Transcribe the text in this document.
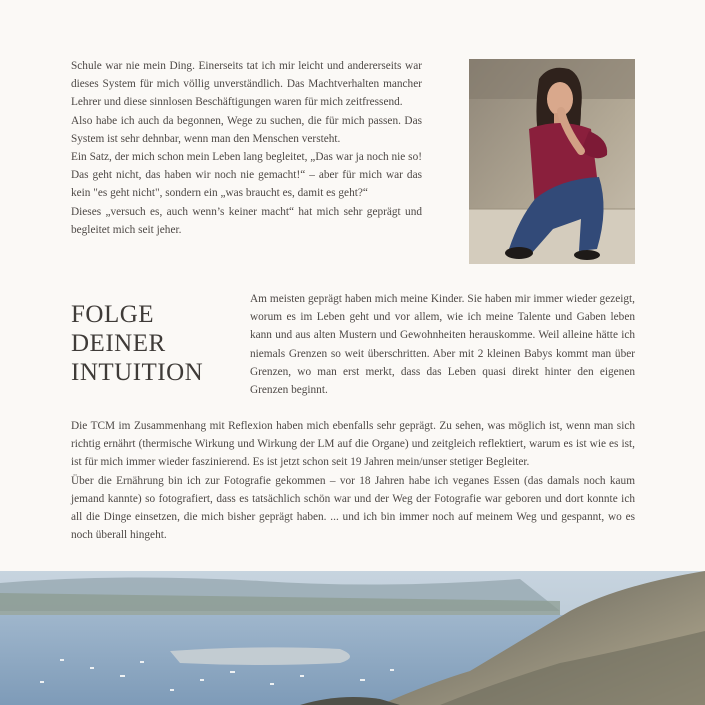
Schule war nie mein Ding. Einerseits tat ich mir leicht und andererseits war dieses System für mich völlig unverständlich. Das Machtverhalten mancher Lehrer und diese sinnlosen Beschäftigungen waren für mich zeitfressend.
Also habe ich auch da begonnen, Wege zu suchen, die für mich passen. Das System ist sehr dehnbar, wenn man den Menschen versteht.
Ein Satz, der mich schon mein Leben lang begleitet, „Das war ja noch nie so! Das geht nicht, das haben wir noch nie gemacht!“ – aber für mich war das kein "es geht nicht", sondern ein „was braucht es, damit es geht?“
Dieses „versuch es, auch wenn’s keiner macht“ hat mich sehr geprägt und begleitet mich seit jeher.
FOLGE
DEINER
INTUITION

Am meisten geprägt haben mich meine Kinder. Sie haben mir immer wieder gezeigt, worum es im Leben geht und vor allem, wie ich meine Talente und Gaben leben kann und aus alten Mustern und Gewohnheiten herauskomme. Weil alleine hätte ich niemals Grenzen so weit überschritten. Aber mit 2 kleinen Babys kommt man über Grenzen, wo man erst merkt, dass das Leben quasi direkt hinter den eigenen Grenzen beginnt.

Die TCM im Zusammenhang mit Reflexion haben mich ebenfalls sehr geprägt. Zu sehen, was möglich ist, wenn man sich richtig ernährt (thermische Wirkung und Wirkung der LM auf die Organe) und zeitgleich reflektiert, warum es ist wie es ist, ist für mich immer wieder faszinierend. Es ist jetzt schon seit 19 Jahren mein/unser stetiger Begleiter.
Über die Ernährung bin ich zur Fotografie gekommen – vor 18 Jahren habe ich veganes Essen (das damals noch kaum jemand kannte) so fotografiert, dass es tatsächlich schön war und der Weg der Fotografie war geboren und dort konnte ich all die Dinge einsetzen, die mich bisher geprägt haben. ... und ich bin immer noch auf meinem Weg und gespannt, wo es noch überall hingeht.
